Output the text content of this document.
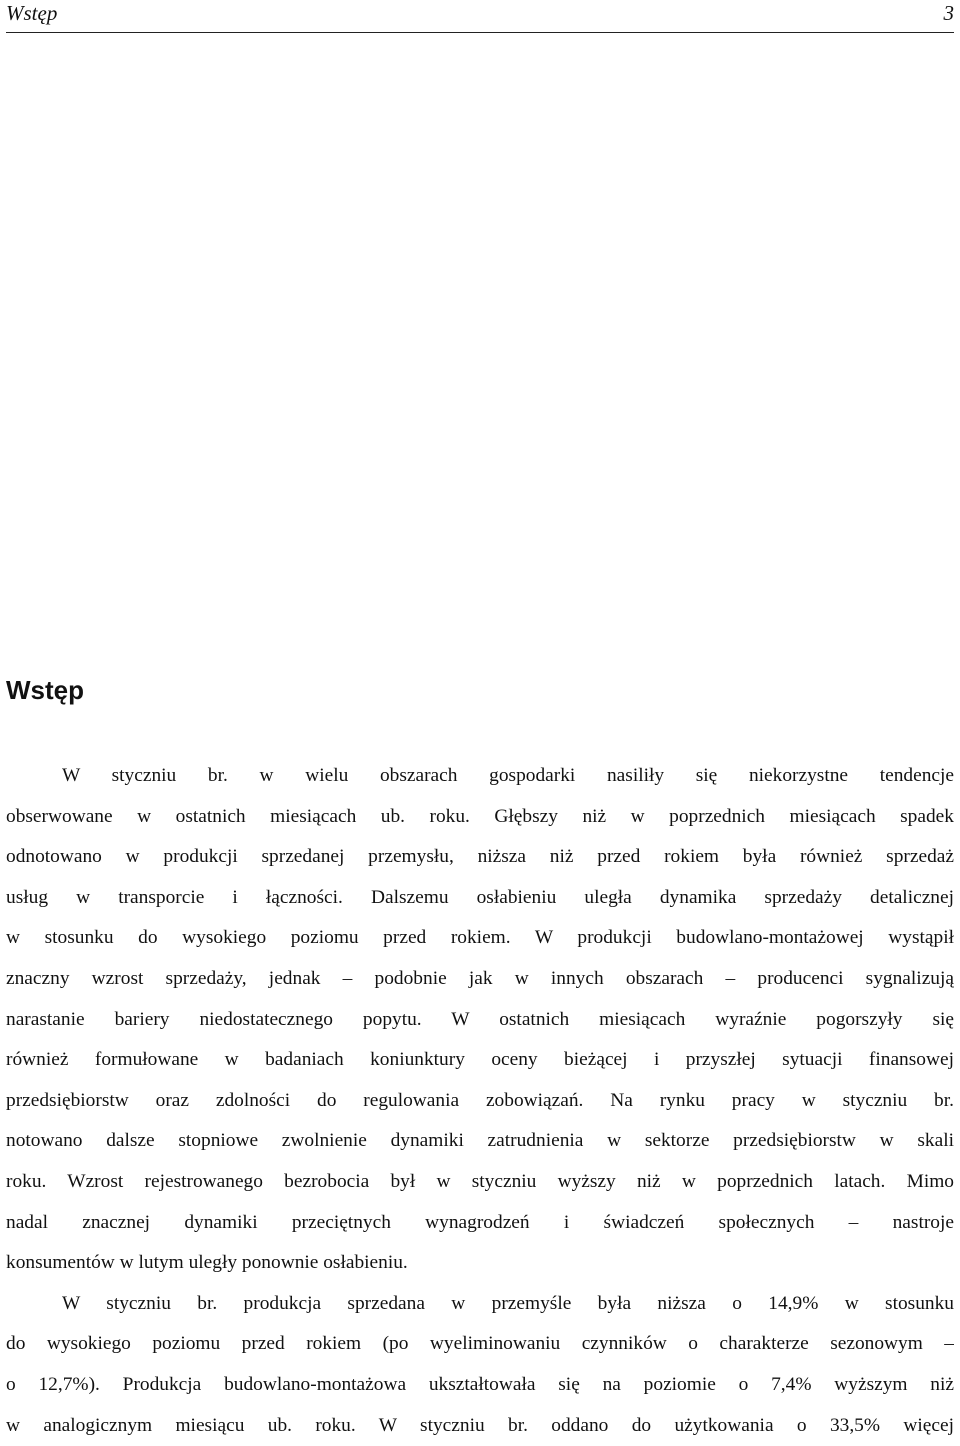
Wstęp	3
Wstęp
W styczniu br. w wielu obszarach gospodarki nasiliły się niekorzystne tendencje
obserwowane w ostatnich miesiącach ub. roku. Głębszy niż w poprzednich miesiącach spadek
odnotowano w produkcji sprzedanej przemysłu, niższa niż przed rokiem była również sprzedaż
usług w transporcie i łączności. Dalszemu osłabieniu uległa dynamika sprzedaży detalicznej
w stosunku do wysokiego poziomu przed rokiem. W produkcji budowlano-montażowej wystąpił
znaczny wzrost sprzedaży, jednak – podobnie jak w innych obszarach – producenci sygnalizują
narastanie bariery niedostatecznego popytu. W ostatnich miesiącach wyraźnie pogorszyły się
również formułowane w badaniach koniunktury oceny bieżącej i przyszłej sytuacji finansowej
przedsiębiorstw oraz zdolności do regulowania zobowiązań. Na rynku pracy w styczniu br.
notowano dalsze stopniowe zwolnienie dynamiki zatrudnienia w sektorze przedsiębiorstw w skali
roku. Wzrost rejestrowanego bezrobocia był w styczniu wyższy niż w poprzednich latach. Mimo
nadal znacznej dynamiki przeciętnych wynagrodzeń i świadczeń społecznych – nastroje
konsumentów w lutym uległy ponownie osłabieniu.
W styczniu br. produkcja sprzedana w przemyśle była niższa o 14,9% w stosunku
do wysokiego poziomu przed rokiem (po wyeliminowaniu czynników o charakterze sezonowym –
o 12,7%). Produkcja budowlano-montażowa ukształtowała się na poziomie o 7,4% wyższym niż
w analogicznym miesiącu ub. roku. W styczniu br. oddano do użytkowania o 33,5% więcej
